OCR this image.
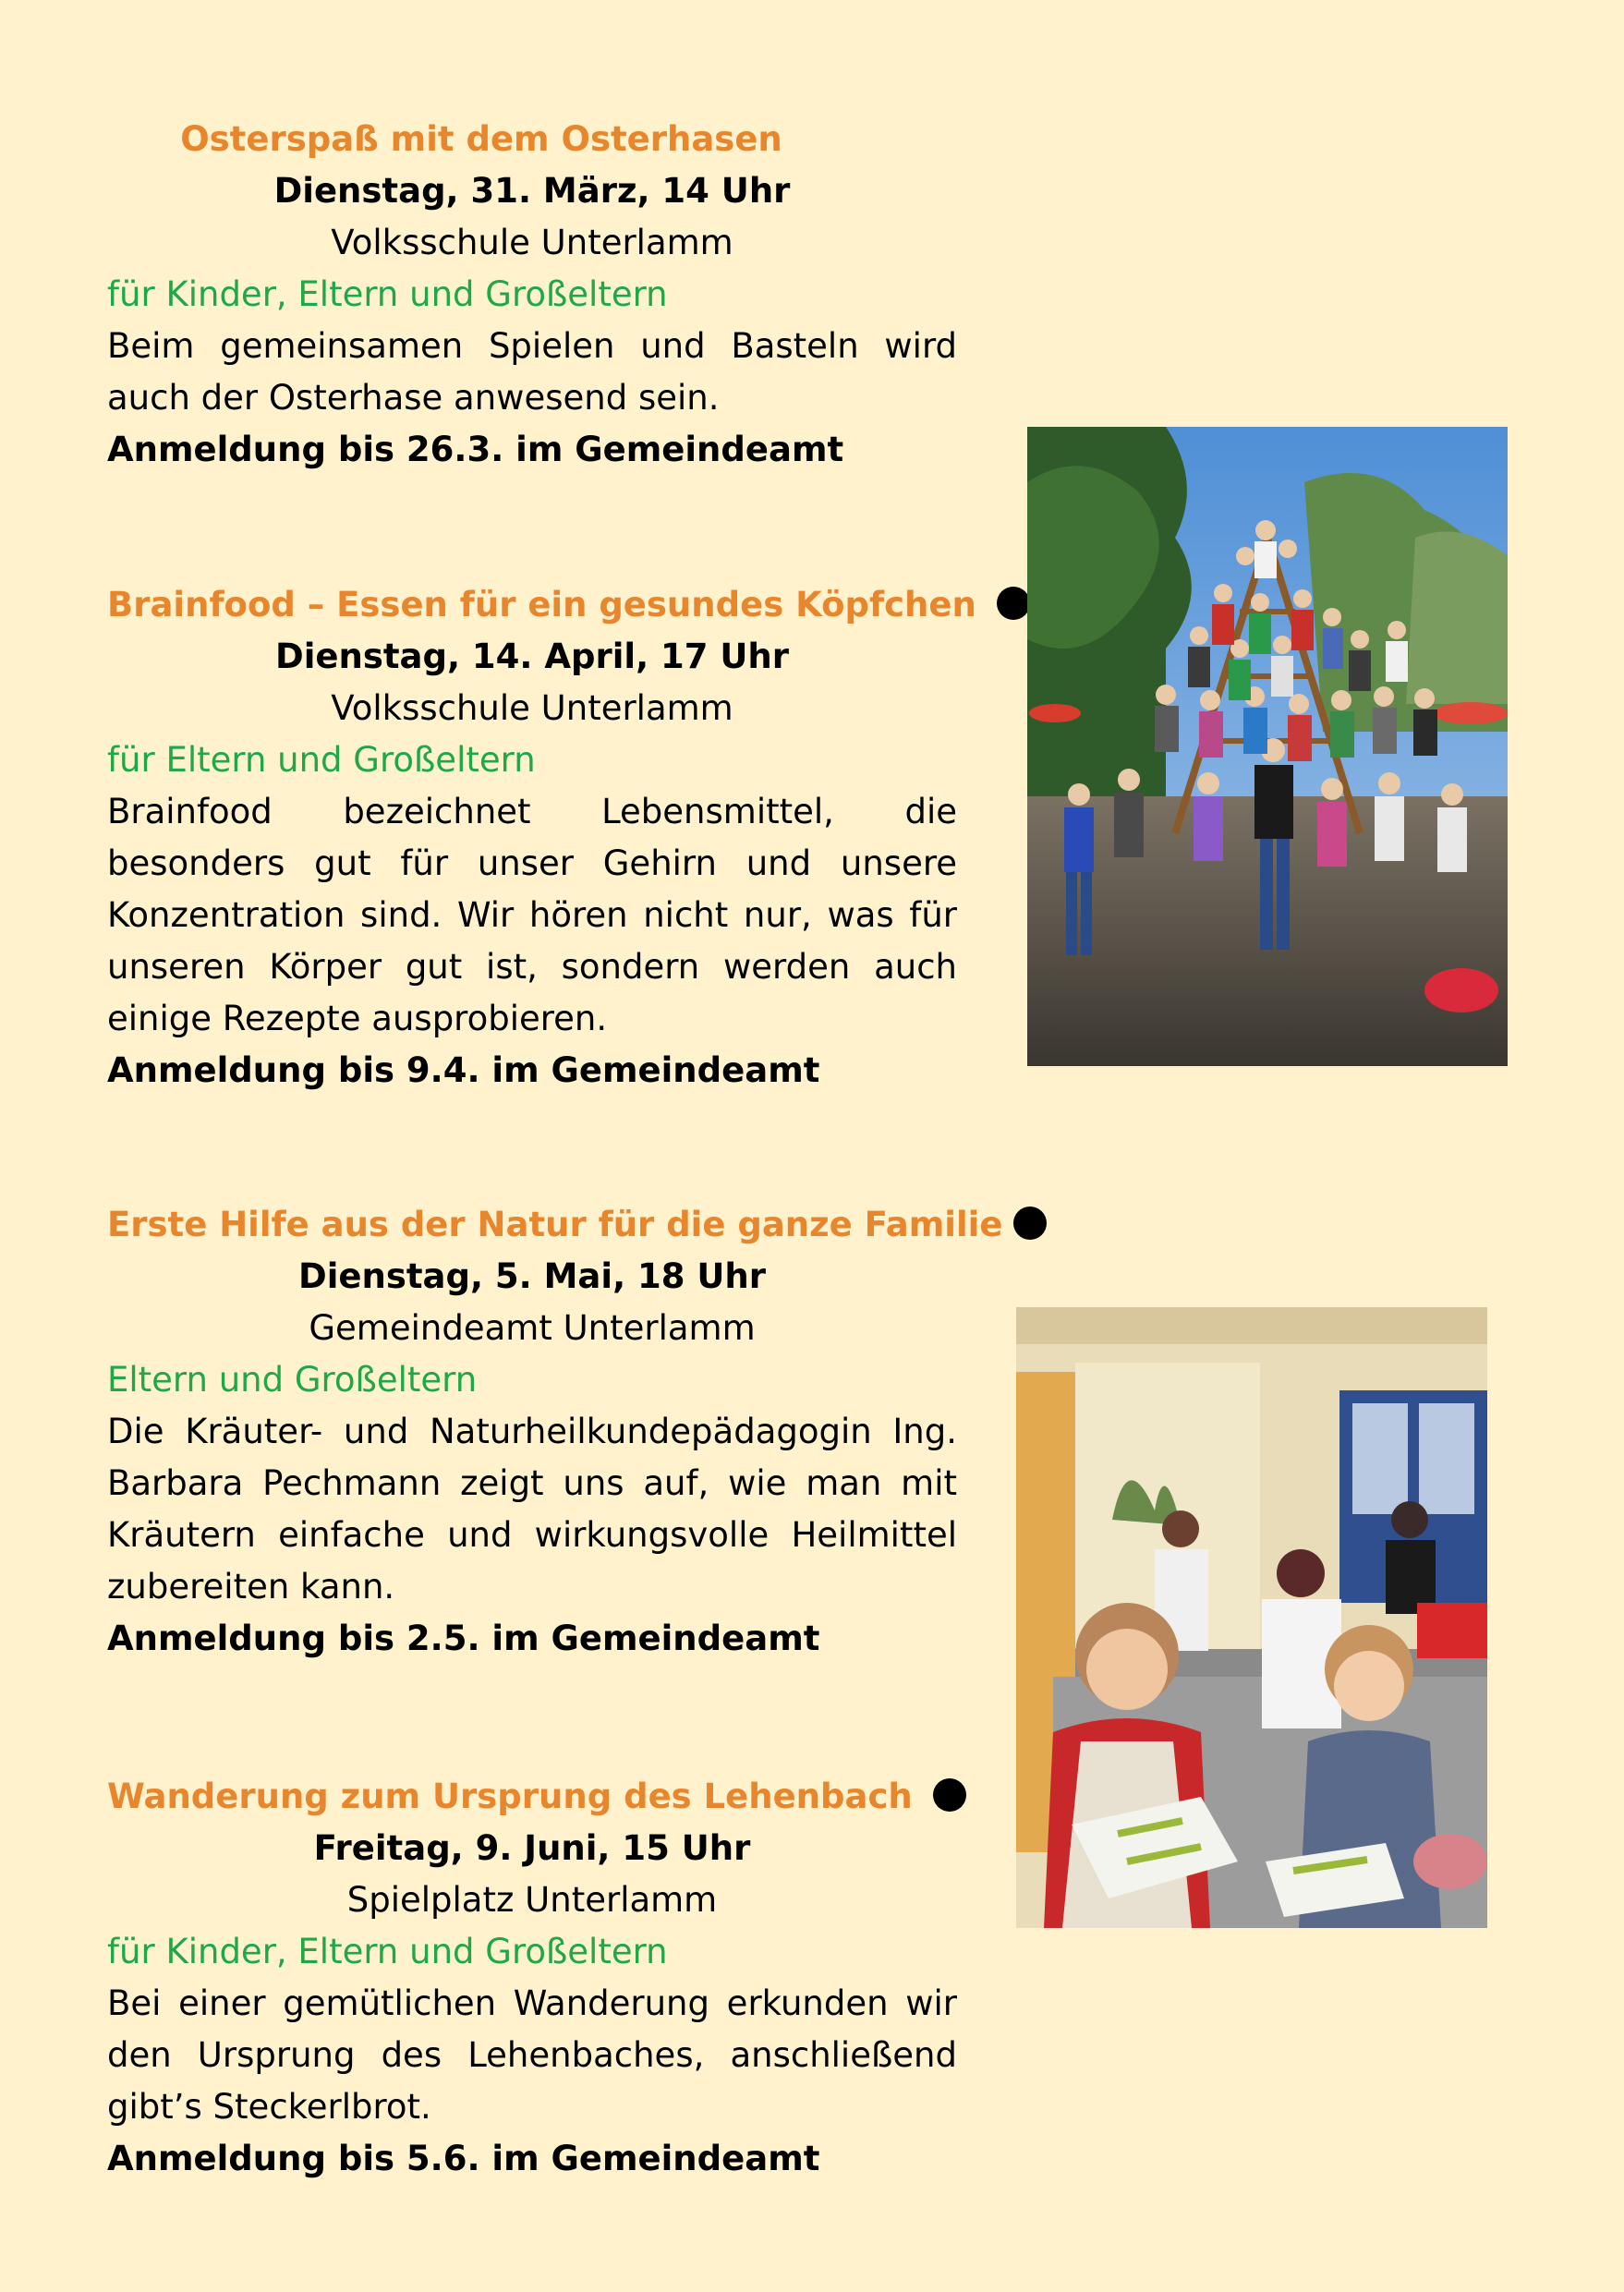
Osterspaß mit dem Osterhasen
Dienstag, 31. März, 14 Uhr
Volksschule Unterlamm
für Kinder, Eltern und Großeltern

Beim gemeinsamen Spielen und Basteln wird auch der Osterhase anwesend sein.

Anmeldung bis 26.3. im Gemeindeamt
Brainfood – Essen für ein gesundes Köpfchen
Dienstag, 14. April, 17 Uhr
Volksschule Unterlamm
für Eltern und Großeltern

Brainfood bezeichnet Lebensmittel, die besonders gut für unser Gehirn und unsere Konzentration sind. Wir hören nicht nur, was für unseren Körper gut ist, sondern werden auch einige Rezepte ausprobieren.

Anmeldung bis 9.4. im Gemeindeamt
Erste Hilfe aus der Natur für die ganze Familie
Dienstag, 5. Mai, 18 Uhr
Gemeindeamt Unterlamm
Eltern und Großeltern

Die Kräuter- und Naturheilkundepädagogin Ing. Barbara Pechmann zeigt uns auf, wie man mit Kräutern einfache und wirkungsvolle Heilmittel zubereiten kann.

Anmeldung bis 2.5. im Gemeindeamt
Wanderung zum Ursprung des Lehenbach
Freitag, 9. Juni, 15 Uhr
Spielplatz Unterlamm
für Kinder, Eltern und Großeltern

Bei einer gemütlichen Wanderung erkunden wir den Ursprung des Lehenbaches, anschließend gibt’s Steckerlbrot.

Anmeldung bis 5.6. im Gemeindeamt
